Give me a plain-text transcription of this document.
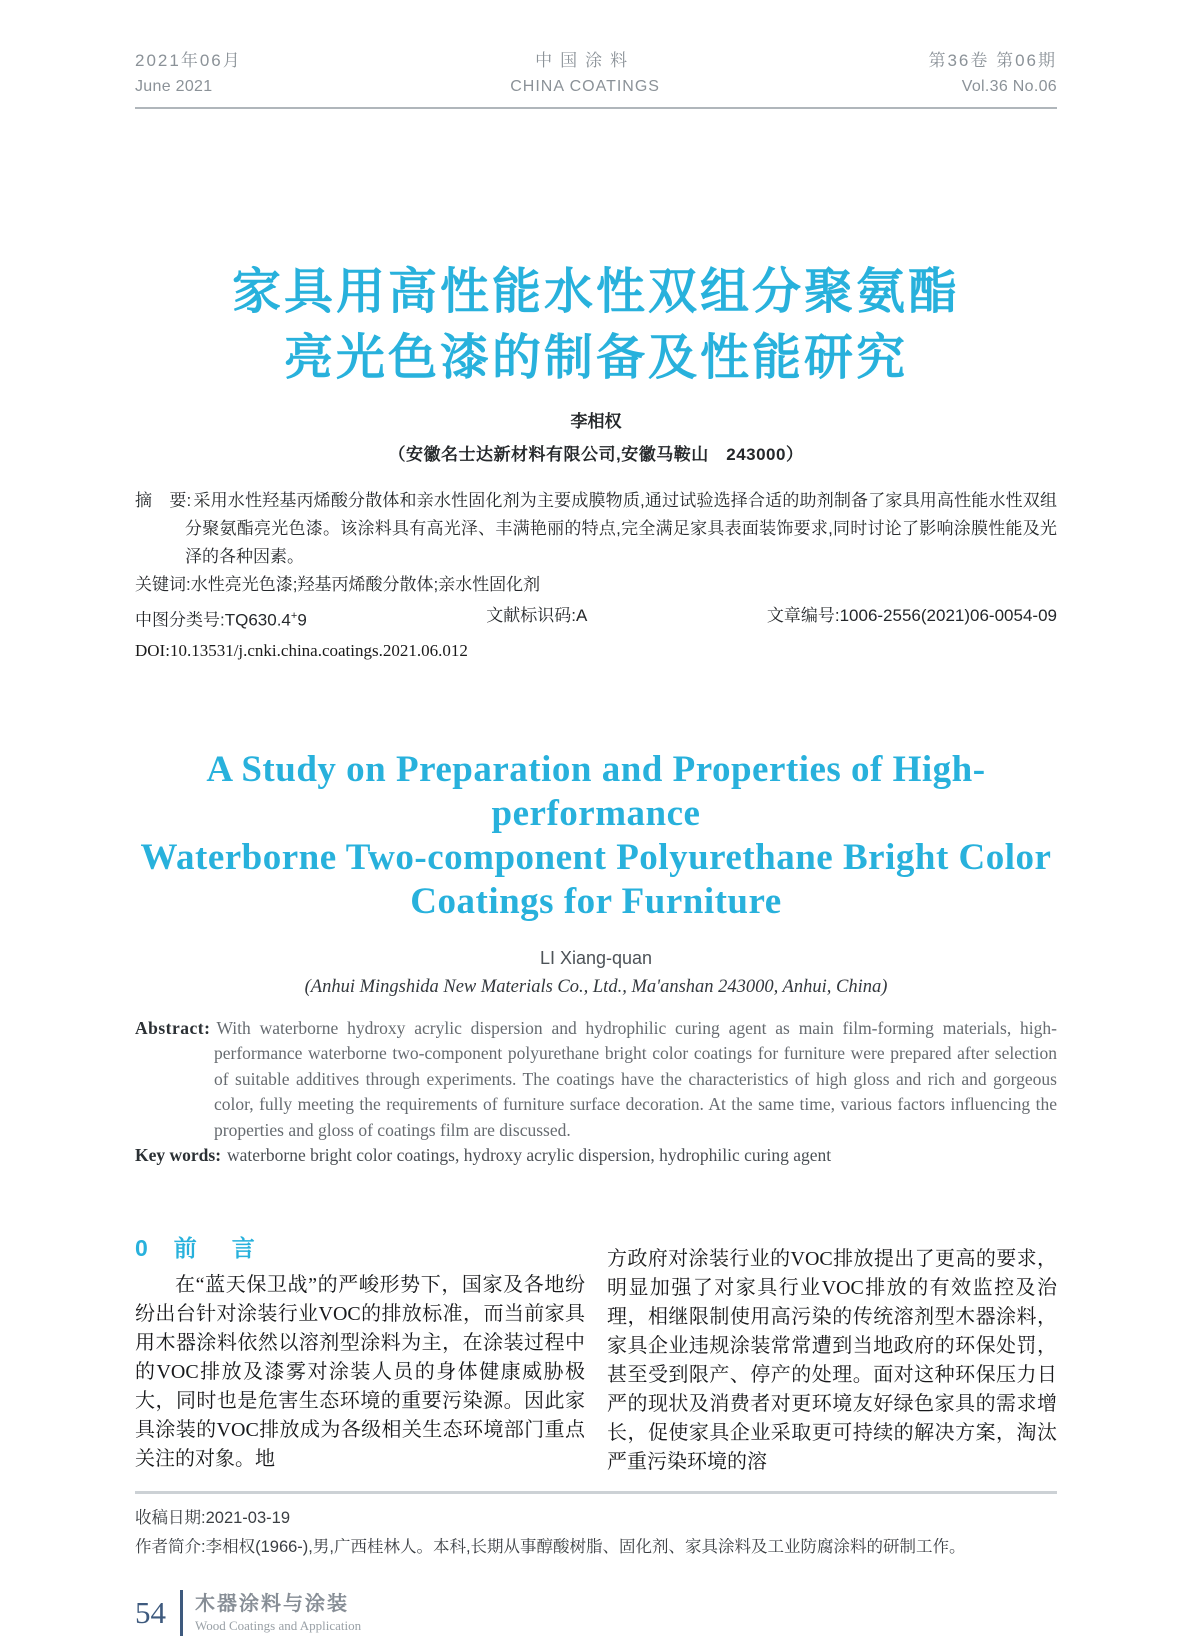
2021年06月
June 2021
中国涂料
CHINA COATINGS
第36卷 第06期
Vol.36 No.06
家具用高性能水性双组分聚氨酯
亮光色漆的制备及性能研究
李相权
（安徽名士达新材料有限公司,安徽马鞍山　243000）
摘　要: 采用水性羟基丙烯酸分散体和亲水性固化剂为主要成膜物质,通过试验选择合适的助剂制备了家具用高性能水性双组分聚氨酯亮光色漆。该涂料具有高光泽、丰满艳丽的特点,完全满足家具表面装饰要求,同时讨论了影响涂膜性能及光泽的各种因素。
关键词:水性亮光色漆;羟基丙烯酸分散体;亲水性固化剂
中图分类号:TQ630.4+9	文献标识码:A	文章编号:1006-2556(2021)06-0054-09
DOI:10.13531/j.cnki.china.coatings.2021.06.012
A Study on Preparation and Properties of High-performance
Waterborne Two-component Polyurethane Bright Color
Coatings for Furniture
LI Xiang-quan
(Anhui Mingshida New Materials Co., Ltd., Ma'anshan 243000, Anhui, China)
Abstract: With waterborne hydroxy acrylic dispersion and hydrophilic curing agent as main film-forming materials, high-performance waterborne two-component polyurethane bright color coatings for furniture were prepared after selection of suitable additives through experiments. The coatings have the characteristics of high gloss and rich and gorgeous color, fully meeting the requirements of furniture surface decoration. At the same time, various factors influencing the properties and gloss of coatings film are discussed.
Key words: waterborne bright color coatings, hydroxy acrylic dispersion, hydrophilic curing agent
0 前　言

在“蓝天保卫战”的严峻形势下，国家及各地纷纷出台针对涂装行业VOC的排放标准，而当前家具用木器涂料依然以溶剂型涂料为主，在涂装过程中的VOC排放及漆雾对涂装人员的身体健康威胁极大，同时也是危害生态环境的重要污染源。因此家具涂装的VOC排放成为各级相关生态环境部门重点关注的对象。地

方政府对涂装行业的VOC排放提出了更高的要求，明显加强了对家具行业VOC排放的有效监控及治理，相继限制使用高污染的传统溶剂型木器涂料，家具企业违规涂装常常遭到当地政府的环保处罚，甚至受到限产、停产的处理。面对这种环保压力日严的现状及消费者对更环境友好绿色家具的需求增长，促使家具企业采取更可持续的解决方案，淘汰严重污染环境的溶

收稿日期:2021-03-19
作者简介:李相权(1966-),男,广西桂林人。本科,长期从事醇酸树脂、固化剂、家具涂料及工业防腐涂料的研制工作。
54 木器涂料与涂装
Wood Coatings and Application
